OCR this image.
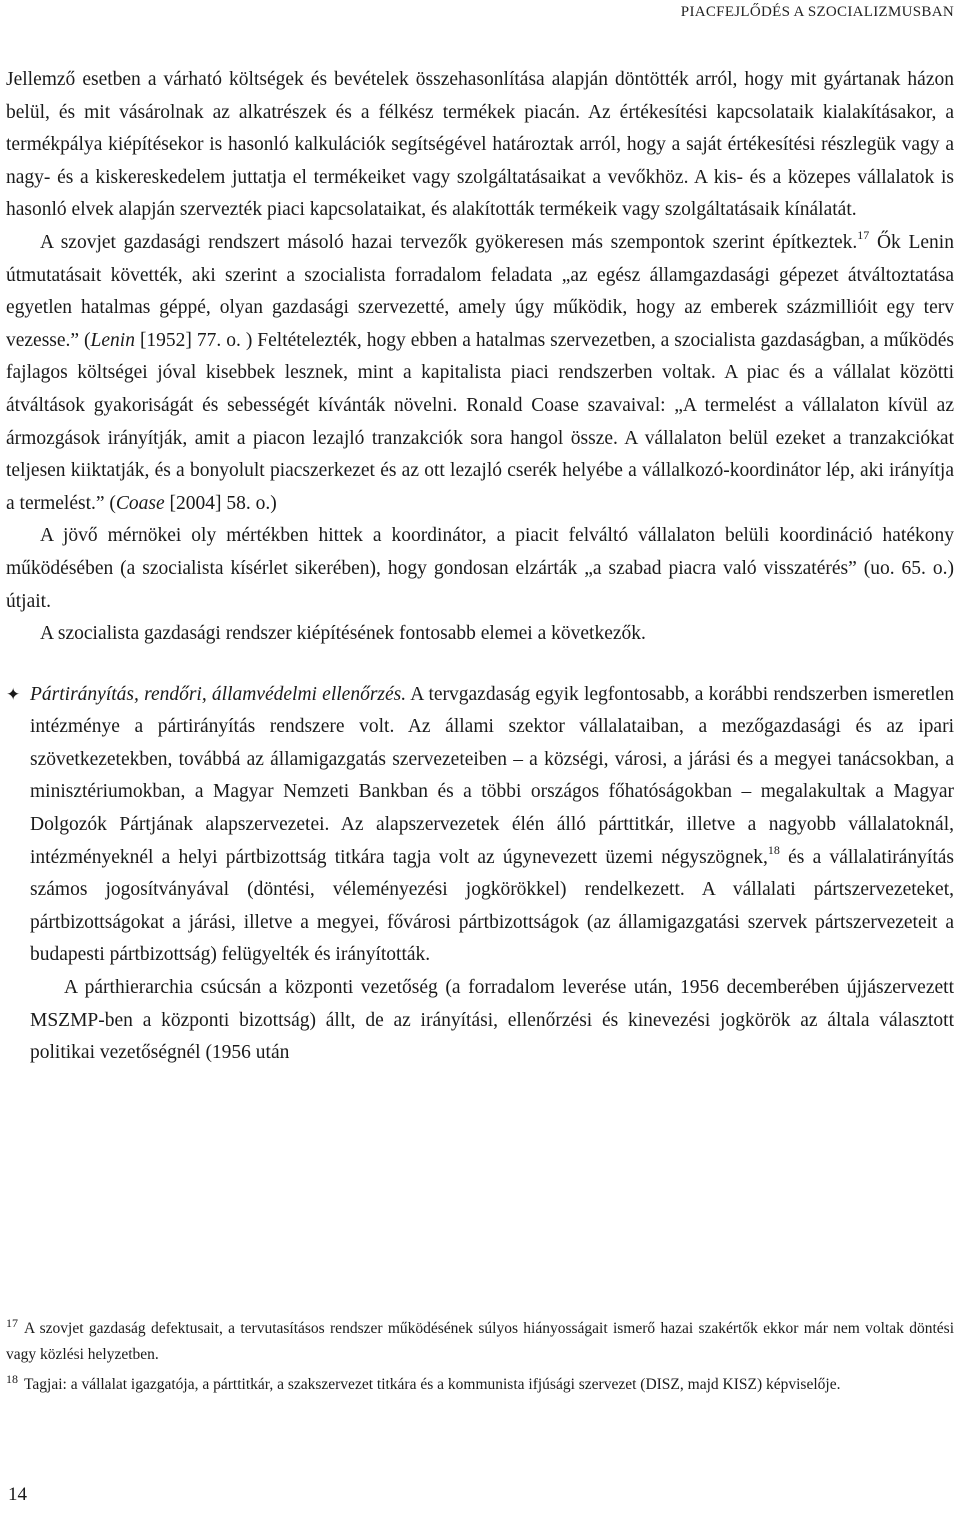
PIACFEJLŐDÉS A SZOCIALIZMUSBAN

Jellemző esetben a várható költségek és bevételek összehasonlítása alapján döntötték arról, hogy mit gyártanak házon belül, és mit vásárolnak az alkatrészek és a félkész termékek piacán. Az értékesítési kapcsolataik kialakításakor, a termékpálya kiépítésekor is hasonló kalkulációk segítségével határoztak arról, hogy a saját értékesítési részlegük vagy a nagy- és a kiskereskedelem juttatja el termékeiket vagy szolgáltatásaikat a vevőkhöz. A kis- és a közepes vállalatok is hasonló elvek alapján szervezték piaci kapcsolataikat, és alakították termékeik vagy szolgáltatásaik kínálatát.

A szovjet gazdasági rendszert másoló hazai tervezők gyökeresen más szempontok szerint építkeztek.$^{17}$ Ők Lenin útmutatásait követték, aki szerint a szocialista forradalom feladata „az egész államgazdasági gépezet átváltoztatása egyetlen hatalmas géppé, olyan gazdasági szervezetté, amely úgy működik, hogy az emberek százmillióit egy terv vezesse.” (Lenin [1952] 77. o. ) Feltételezték, hogy ebben a hatalmas szervezetben, a szocialista gazdaságban, a működés fajlagos költségei jóval kisebbek lesznek, mint a kapitalista piaci rendszerben voltak. A piac és a vállalat közötti átváltások gyakoriságát és sebességét kívánták növelni. Ronald Coase szavaival: „A termelést a vállalaton kívül az ármozgások irányítják, amit a piacon lezajló tranzakciók sora hangol össze. A vállalaton belül ezeket a tranzakciókat teljesen kiiktatják, és a bonyolult piacszerkezet és az ott lezajló cserék helyébe a vállalkozó-koordinátor lép, aki irányítja a termelést.” (Coase [2004] 58. o.)

A jövő mérnökei oly mértékben hittek a koordinátor, a piacit felváltó vállalaton belüli koordináció hatékony működésében (a szocialista kísérlet sikerében), hogy gondosan elzárták „a szabad piacra való visszatérés” (uo. 65. o.) útjait.

A szocialista gazdasági rendszer kiépítésének fontosabb elemei a következők.

✦ Pártirányítás, rendőri, államvédelmi ellenőrzés. A tervgazdaság egyik legfontosabb, a korábbi rendszerben ismeretlen intézménye a pártirányítás rendszere volt. Az állami szektor vállalataiban, a mezőgazdasági és az ipari szövetkezetekben, továbbá az államigazgatás szervezeteiben – a községi, városi, a járási és a megyei tanácsokban, a minisztériumokban, a Magyar Nemzeti Bankban és a többi országos főhatóságokban – megalakultak a Magyar Dolgozók Pártjának alapszervezetei. Az alapszervezetek élén álló párttitkár, illetve a nagyobb vállalatoknál, intézményeknél a helyi pártbizottság titkára tagja volt az úgynevezett üzemi négyszögnek,$^{18}$ és a vállalatirányítás számos jogosítványával (döntési, véleményezési jogkörökkel) rendelkezett. A vállalati pártszervezeteket, pártbizottságokat a járási, illetve a megyei, fővárosi pártbizottságok (az államigazgatási szervek pártszervezeteit a budapesti pártbizottság) felügyelték és irányították.

A párthierarchia csúcsán a központi vezetőség (a forradalom leverése után, 1956 decemberében újjászervezett MSZMP-ben a központi bizottság) állt, de az irányítási, ellenőrzési és kinevezési jogkörök az általa választott politikai vezetőségnél (1956 után

$^{17}$ A szovjet gazdaság defektusait, a tervutasításos rendszer működésének súlyos hiányosságait ismerő hazai szakértők ekkor már nem voltak döntési vagy közlési helyzetben.

$^{18}$ Tagjai: a vállalat igazgatója, a párttitkár, a szakszervezet titkára és a kommunista ifjúsági szervezet (DISZ, majd KISZ) képviselője.

14
